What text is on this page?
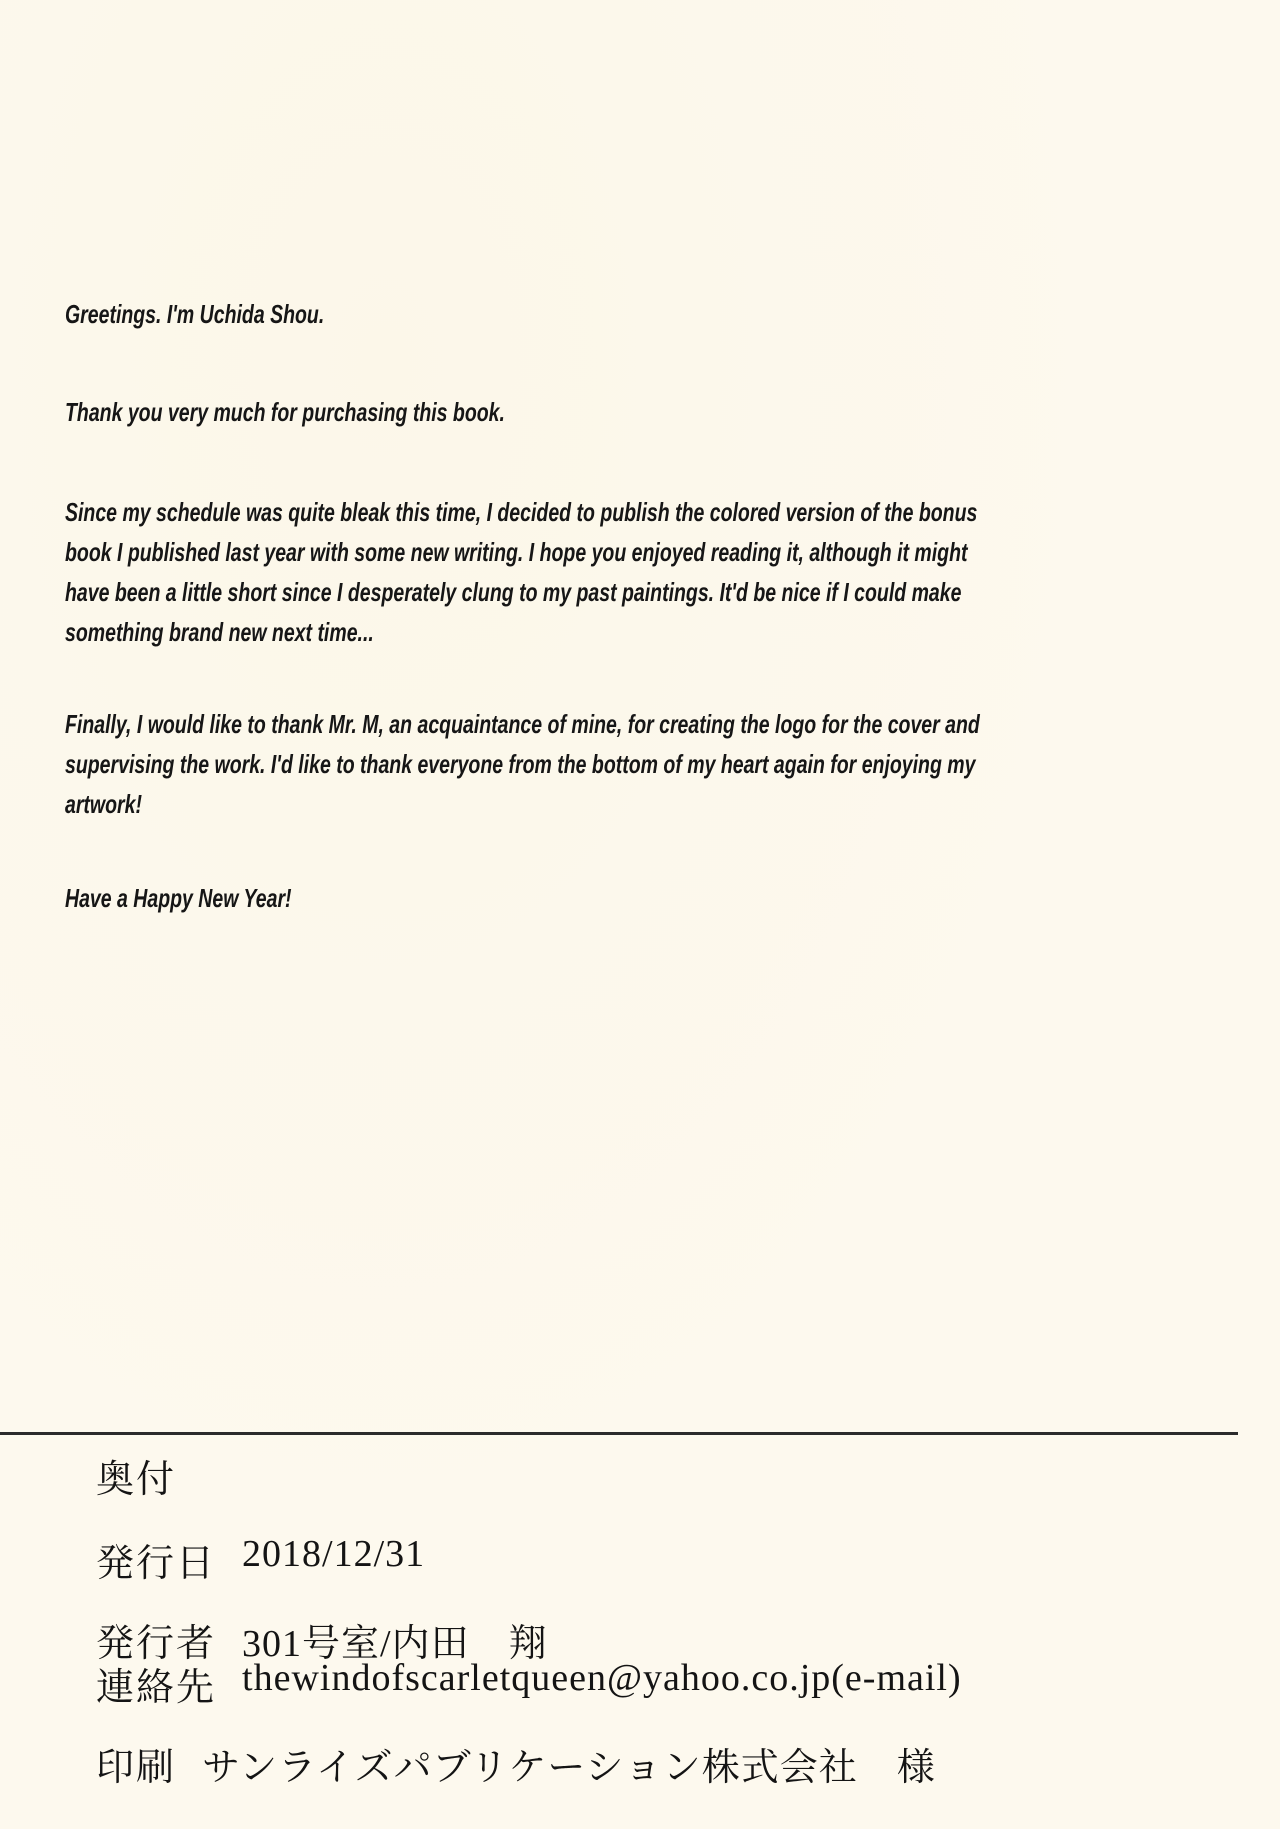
Greetings. I'm Uchida Shou.
Thank you very much for purchasing this book.
Since my schedule was quite bleak this time, I decided to publish the colored version of the bonus
book I published last year with some new writing. I hope you enjoyed reading it, although it might
have been a little short since I desperately clung to my past paintings. It'd be nice if I could make
something brand new next time...
Finally, I would like to thank Mr. M, an acquaintance of mine, for creating the logo for the cover and
supervising the work. I'd like to thank everyone from the bottom of my heart again for enjoying my
artwork!
Have a Happy New Year!
奥付
発行日 2018/12/31
発行者 301号室/内田　翔
連絡先 thewindofscarletqueen@yahoo.co.jp(e-mail)
印刷 サンライズパブリケーション株式会社　様
